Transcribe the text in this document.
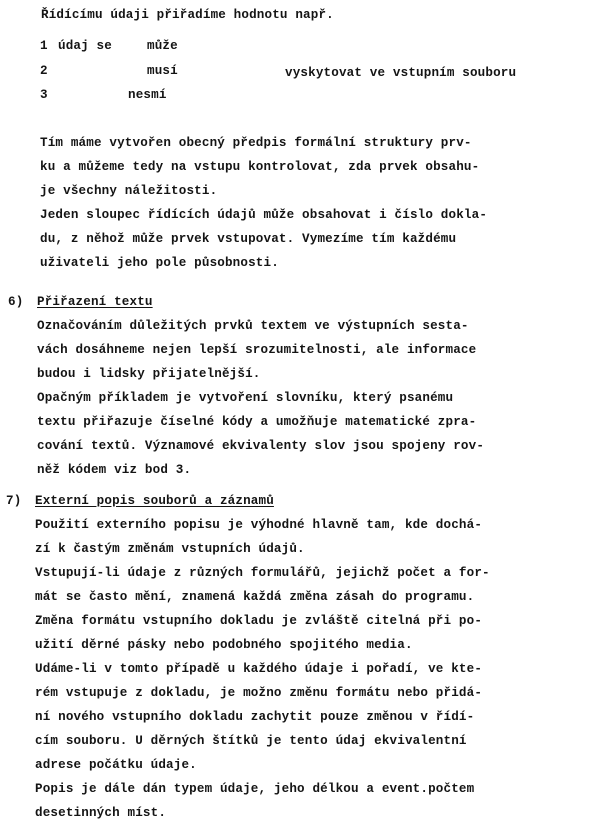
Řídícímu údaji přiřadíme hodnotu např.
1 údaj se	může
2	musí	vyskytovat ve vstupním souboru
3	nesmí
Tím máme vytvořen obecný předpis formální struktury prv-
ku a můžeme tedy na vstupu kontrolovat, zda prvek obsahu-
je všechny náležitosti.
Jeden sloupec řídících údajů může obsahovat i číslo dokla-
du, z něhož může prvek vstupovat. Vymezíme tím každému
uživateli jeho pole působnosti.
6) Přiřazení textu
Označováním důležitých prvků textem ve výstupních sesta-
vách dosáhneme nejen lepší srozumitelnosti, ale informace
budou i lidsky přijatelnější.
Opačným příkladem je vytvoření slovníku, který psanému
textu přiřazuje číselné kódy a umožňuje matematické zpra-
cování textů. Významové ekvivalenty slov jsou spojeny rov-
něž kódem viz bod 3.
7) Externí popis souborů a záznamů
Použití externího popisu je výhodné hlavně tam, kde dochá-
zí k častým změnám vstupních údajů.
Vstupují-li údaje z různých formulářů, jejichž počet a for-
mát se často mění, znamená každá změna zásah do programu.
Změna formátu vstupního dokladu je zvláště citelná při po-
užití děrné pásky nebo podobného spojitého media.
Udáme-li v tomto případě u každého údaje i pořadí, ve kte-
rém vstupuje z dokladu, je možno změnu formátu nebo přidá-
ní nového vstupního dokladu zachytit pouze změnou v řídí-
cím souboru. U děrných štítků je tento údaj ekvivalentní
adrese počátku údaje.
Popis je dále dán typem údaje, jeho délkou a event.počtem
desetinných míst.
